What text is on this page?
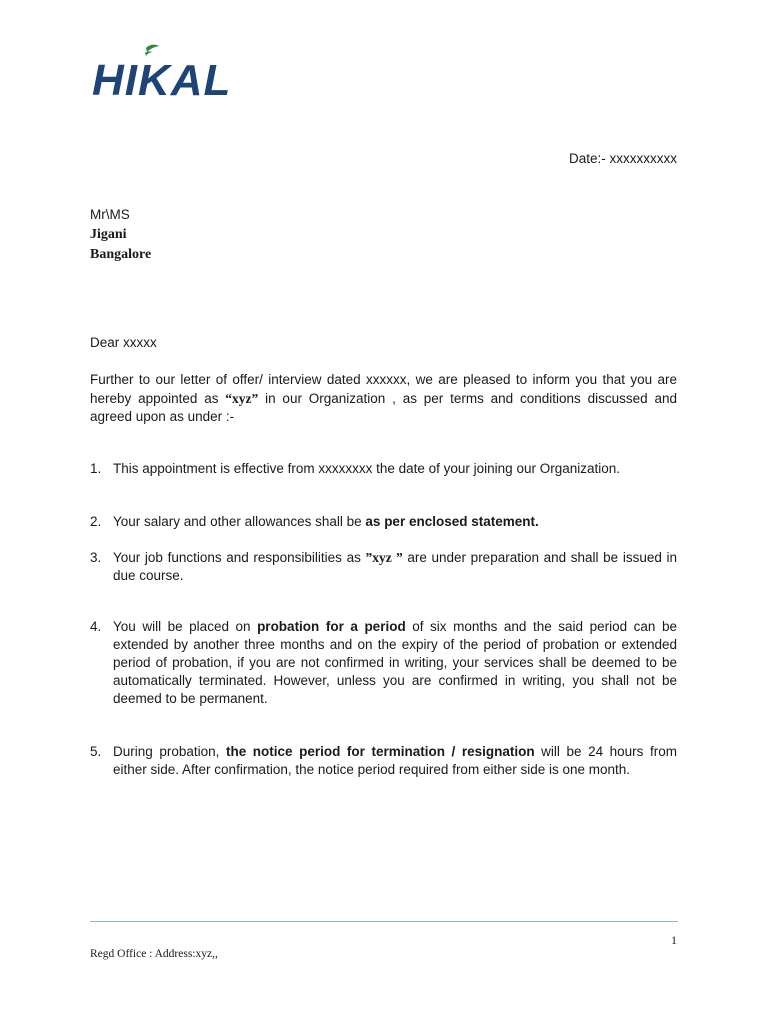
HIKAL
Date:- xxxxxxxxxx
Mr\MS
Jigani
Bangalore
Dear xxxxx

Further to our letter of offer/ interview dated xxxxxx, we are pleased to inform you that you are hereby appointed as “xyz” in our Organization , as per terms and conditions discussed and agreed upon as under :-

1. This appointment is effective from xxxxxxxx the date of your joining our Organization.
2. Your salary and other allowances shall be as per enclosed statement.
3. Your job functions and responsibilities as ”xyz ” are under preparation and shall be issued in due course.
4. You will be placed on probation for a period of six months and the said period can be extended by another three months and on the expiry of the period of probation or extended period of probation, if you are not confirmed in writing, your services shall be deemed to be automatically terminated. However, unless you are confirmed in writing, you shall not be deemed to be permanent.
5. During probation, the notice period for termination / resignation will be 24 hours from either side. After confirmation, the notice period required from either side is one month.
1
Regd Office : Address:xyz,,
